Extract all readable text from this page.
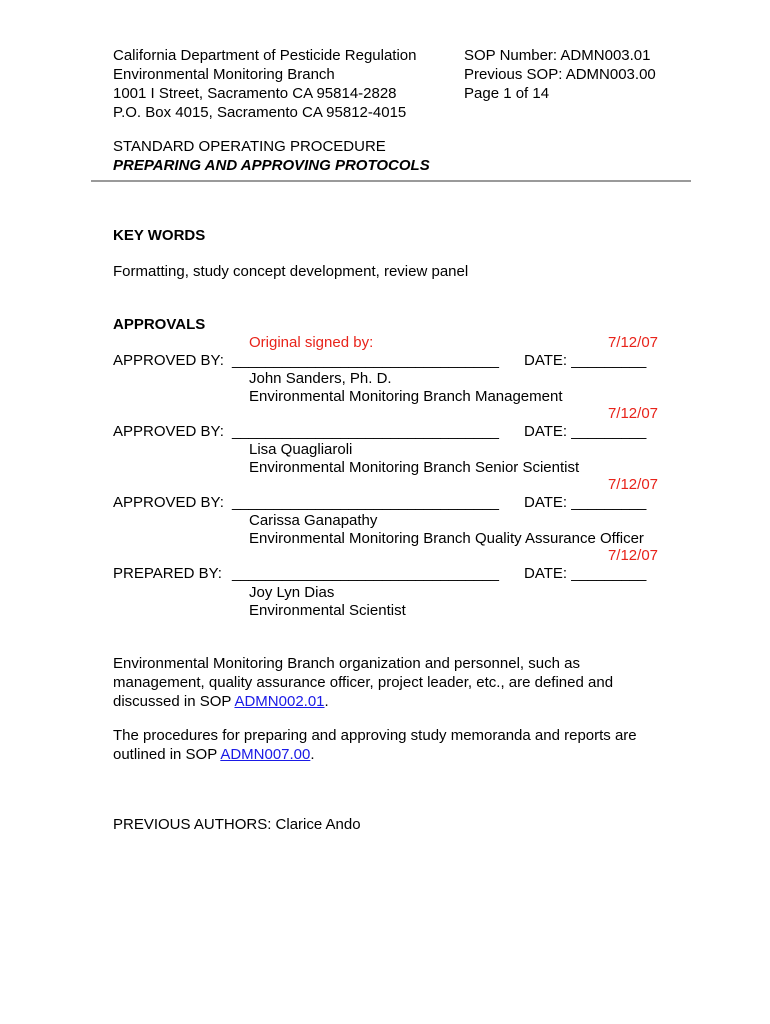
California Department of Pesticide Regulation
Environmental Monitoring Branch
1001 I Street, Sacramento CA 95814-2828
P.O. Box 4015, Sacramento CA 95812-4015
SOP Number: ADMN003.01
Previous SOP: ADMN003.00
Page 1 of 14
STANDARD OPERATING PROCEDURE
PREPARING AND APPROVING PROTOCOLS
KEY WORDS
Formatting, study concept development, review panel
APPROVALS
Original signed by:	7/12/07
APPROVED BY: ________________________________ DATE: _________
John Sanders, Ph. D.
Environmental Monitoring Branch Management
7/12/07
APPROVED BY: ________________________________ DATE: _________
Lisa Quagliaroli
Environmental Monitoring Branch Senior Scientist
7/12/07
APPROVED BY: ________________________________ DATE: _________
Carissa Ganapathy
Environmental Monitoring Branch Quality Assurance Officer
7/12/07
PREPARED BY: ________________________________ DATE: _________
Joy Lyn Dias
Environmental Scientist
Environmental Monitoring Branch organization and personnel, such as management, quality assurance officer, project leader, etc., are defined and discussed in SOP ADMN002.01.
The procedures for preparing and approving study memoranda and reports are outlined in SOP ADMN007.00.
PREVIOUS AUTHORS: Clarice Ando
